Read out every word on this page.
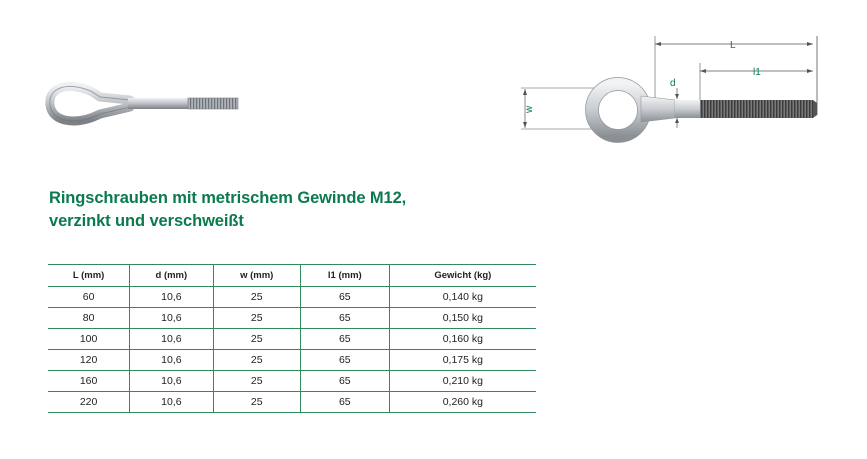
L
l1
d
w
Ringschrauben mit metrischem Gewinde M12,
verzinkt und verschweißt
L (mm)	d (mm)	w (mm)	l1 (mm)	Gewicht (kg)
60	10,6	25	65	0,140 kg
80	10,6	25	65	0,150 kg
100	10,6	25	65	0,160 kg
120	10,6	25	65	0,175 kg
160	10,6	25	65	0,210 kg
220	10,6	25	65	0,260 kg
